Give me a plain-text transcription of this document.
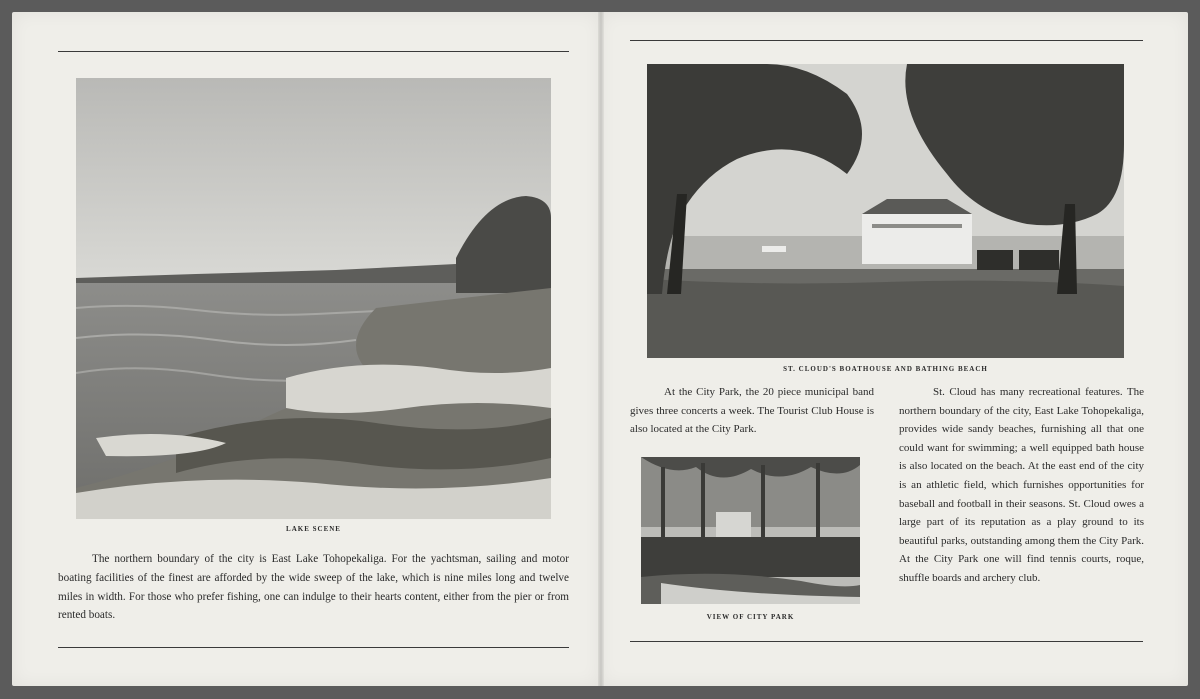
LAKE SCENE
The northern boundary of the city is East Lake Tohopekaliga. For the yachtsman, sailing and motor boating facilities of the finest are afforded by the wide sweep of the lake, which is nine miles long and twelve miles in width. For those who prefer fishing, one can indulge to their hearts content, either from the pier or from rented boats.
ST. CLOUD'S BOATHOUSE AND BATHING BEACH
At the City Park, the 20 piece municipal band gives three concerts a week. The Tourist Club House is also located at the City Park.
VIEW OF CITY PARK
St. Cloud has many recreational features. The northern boundary of the city, East Lake Tohopekaliga, provides wide sandy beaches, furnishing all that one could want for swimming; a well equipped bath house is also located on the beach. At the east end of the city is an athletic field, which furnishes opportunities for baseball and football in their seasons. St. Cloud owes a large part of its reputation as a play ground to its beautiful parks, outstanding among them the City Park. At the City Park one will find tennis courts, roque, shuffle boards and archery club.
